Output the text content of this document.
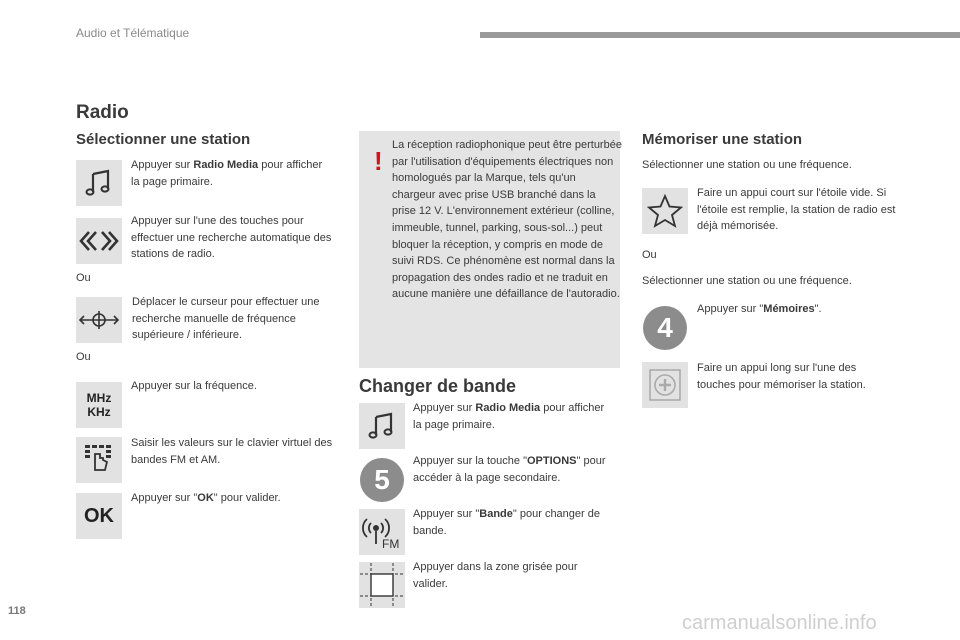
Audio et Télématique
Radio
Sélectionner une station
Appuyer sur Radio Media pour afficher la page primaire.
Appuyer sur l'une des touches pour effectuer une recherche automatique des stations de radio.
Ou
Déplacer le curseur pour effectuer une recherche manuelle de fréquence supérieure / inférieure.
Ou
MHz
KHz
Appuyer sur la fréquence.
Saisir les valeurs sur le clavier virtuel des bandes FM et AM.
OK
Appuyer sur "OK" pour valider.
!
La réception radiophonique peut être perturbée par l'utilisation d'équipements électriques non homologués par la Marque, tels qu'un chargeur avec prise USB branché dans la prise 12 V. L'environnement extérieur (colline, immeuble, tunnel, parking, sous-sol...) peut bloquer la réception, y compris en mode de suivi RDS. Ce phénomène est normal dans la propagation des ondes radio et ne traduit en aucune manière une défaillance de l'autoradio.
Changer de bande
Appuyer sur Radio Media pour afficher la page primaire.
5
Appuyer sur la touche "OPTIONS" pour accéder à la page secondaire.
FM
Appuyer sur "Bande" pour changer de bande.
Appuyer dans la zone grisée pour valider.
Mémoriser une station
Sélectionner une station ou une fréquence.
Faire un appui court sur l'étoile vide. Si l'étoile est remplie, la station de radio est déjà mémorisée.
Ou
Sélectionner une station ou une fréquence.
4
Appuyer sur "Mémoires".
Faire un appui long sur l'une des touches pour mémoriser la station.
118
carmanualsonline.info
